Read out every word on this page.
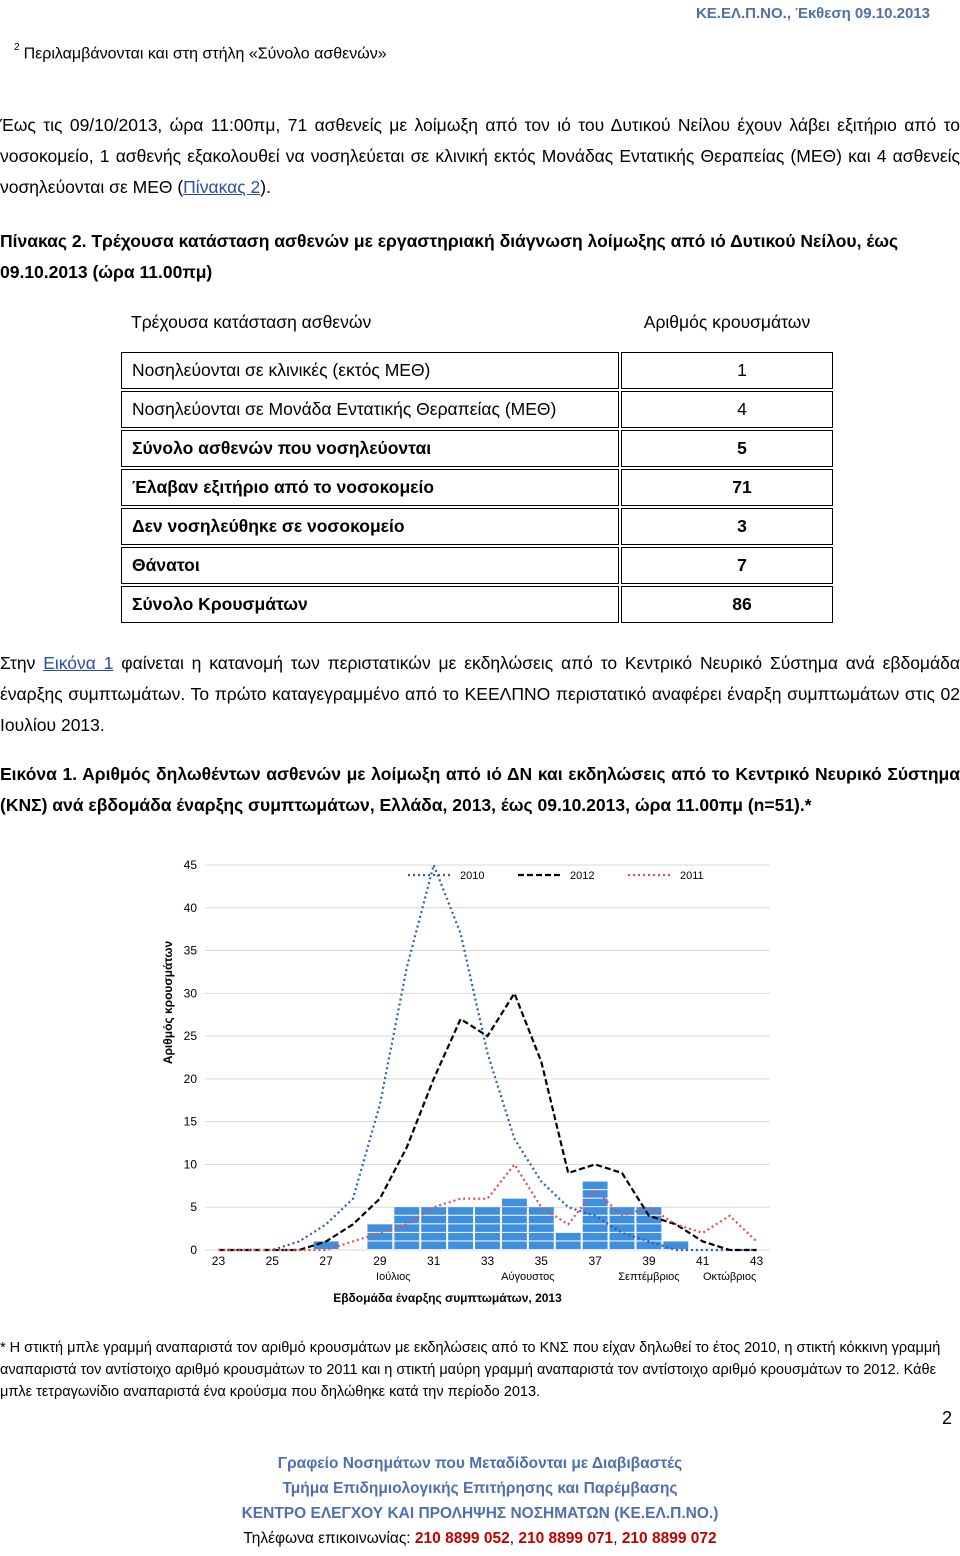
ΚΕ.ΕΛ.Π.ΝΟ., Έκθεση 09.10.2013
$^2$ Περιλαμβάνονται και στη στήλη «Σύνολο ασθενών»
Έως τις 09/10/2013, ώρα 11:00πμ, 71 ασθενείς με λοίμωξη από τον ιό του Δυτικού Νείλου έχουν λάβει εξιτήριο από το νοσοκομείο, 1 ασθενής εξακολουθεί να νοσηλεύεται σε κλινική εκτός Μονάδας Εντατικής Θεραπείας (ΜΕΘ) και 4 ασθενείς νοσηλεύονται σε ΜΕΘ (Πίνακας 2).
Πίνακας 2. Τρέχουσα κατάσταση ασθενών με εργαστηριακή διάγνωση λοίμωξης από ιό Δυτικού Νείλου, έως 09.10.2013 (ώρα 11.00πμ)
Τρέχουσα κατάσταση ασθενών	Αριθμός κρουσμάτων
Νοσηλεύονται σε κλινικές (εκτός ΜΕΘ)	1
Νοσηλεύονται σε Μονάδα Εντατικής Θεραπείας (ΜΕΘ)	4
Σύνολο ασθενών που νοσηλεύονται	5
Έλαβαν εξιτήριο από το νοσοκομείο	71
Δεν νοσηλεύθηκε σε νοσοκομείο	3
Θάνατοι	7
Σύνολο Κρουσμάτων	86
Στην Εικόνα 1 φαίνεται η κατανομή των περιστατικών με εκδηλώσεις από το Κεντρικό Νευρικό Σύστημα ανά εβδομάδα έναρξης συμπτωμάτων. Το πρώτο καταγεγραμμένο από το ΚΕΕΛΠΝΟ περιστατικό αναφέρει έναρξη συμπτωμάτων στις 02 Ιουλίου 2013.
Εικόνα 1. Αριθμός δηλωθέντων ασθενών με λοίμωξη από ιό ΔΝ και εκδηλώσεις από το Κεντρικό Νευρικό Σύστημα (ΚΝΣ) ανά εβδομάδα έναρξης συμπτωμάτων, Ελλάδα, 2013, έως 09.10.2013, ώρα 11.00πμ (n=51).*
0
5
10
15
20
25
30
35
40
45
23	25	27	29	31	33	35	37	39	41	43
Ιούλιος	Αύγουστος	Σεπτέμβριος Οκτώβριος
Εβδομάδα έναρξης συμπτωμάτων, 2013
Αριθμός κρουσμάτων
2010	2012	2011
* Η στικτή μπλε γραμμή αναπαριστά τον αριθμό κρουσμάτων με εκδηλώσεις από το ΚΝΣ που είχαν δηλωθεί το έτος 2010, η στικτή κόκκινη γραμμή αναπαριστά τον αντίστοιχο αριθμό κρουσμάτων το 2011 και η στικτή μαύρη γραμμή αναπαριστά τον αντίστοιχο αριθμό κρουσμάτων το 2012. Κάθε μπλε τετραγωνίδιο αναπαριστά ένα κρούσμα που δηλώθηκε κατά την περίοδο 2013.
2
Γραφείο Νοσημάτων που Μεταδίδονται με Διαβιβαστές
Τμήμα Επιδημιολογικής Επιτήρησης και Παρέμβασης
ΚΕΝΤΡΟ ΕΛΕΓΧΟΥ ΚΑΙ ΠΡΟΛΗΨΗΣ ΝΟΣΗΜΑΤΩΝ (ΚΕ.ΕΛ.Π.ΝΟ.)
Τηλέφωνα επικοινωνίας: 210 8899 052, 210 8899 071, 210 8899 072
